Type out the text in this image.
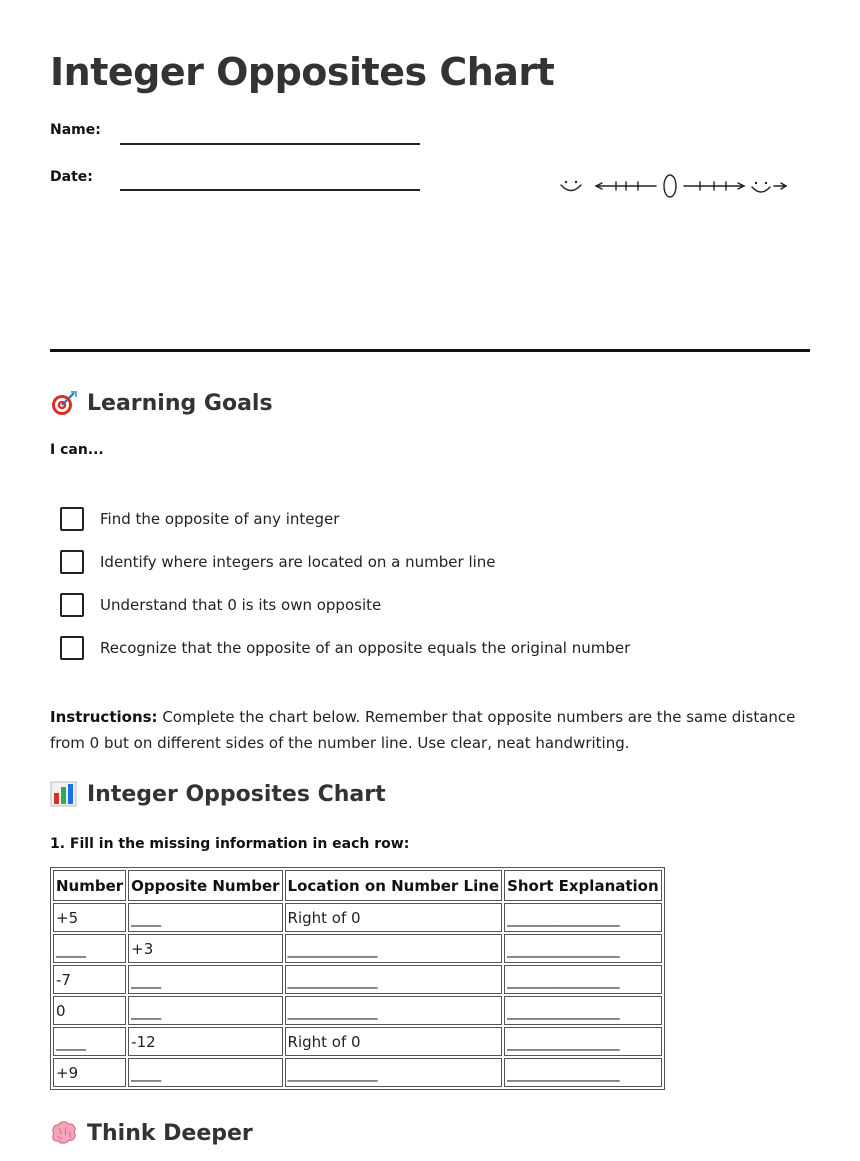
Integer Opposites Chart
Name:
Date:
Learning Goals
I can...
Find the opposite of any integer
Identify where integers are located on a number line
Understand that 0 is its own opposite
Recognize that the opposite of an opposite equals the original number
Instructions: Complete the chart below. Remember that opposite numbers are the same distance from 0 but on different sides of the number line. Use clear, neat handwriting.
Integer Opposites Chart
1. Fill in the missing information in each row:
Number	Opposite Number	Location on Number Line	Short Explanation
+5	____	Right of 0	_______________
____	+3	____________	_______________
-7	____	____________	_______________
0	____	____________	_______________
____	-12	Right of 0	_______________
+9	____	____________	_______________
Think Deeper
